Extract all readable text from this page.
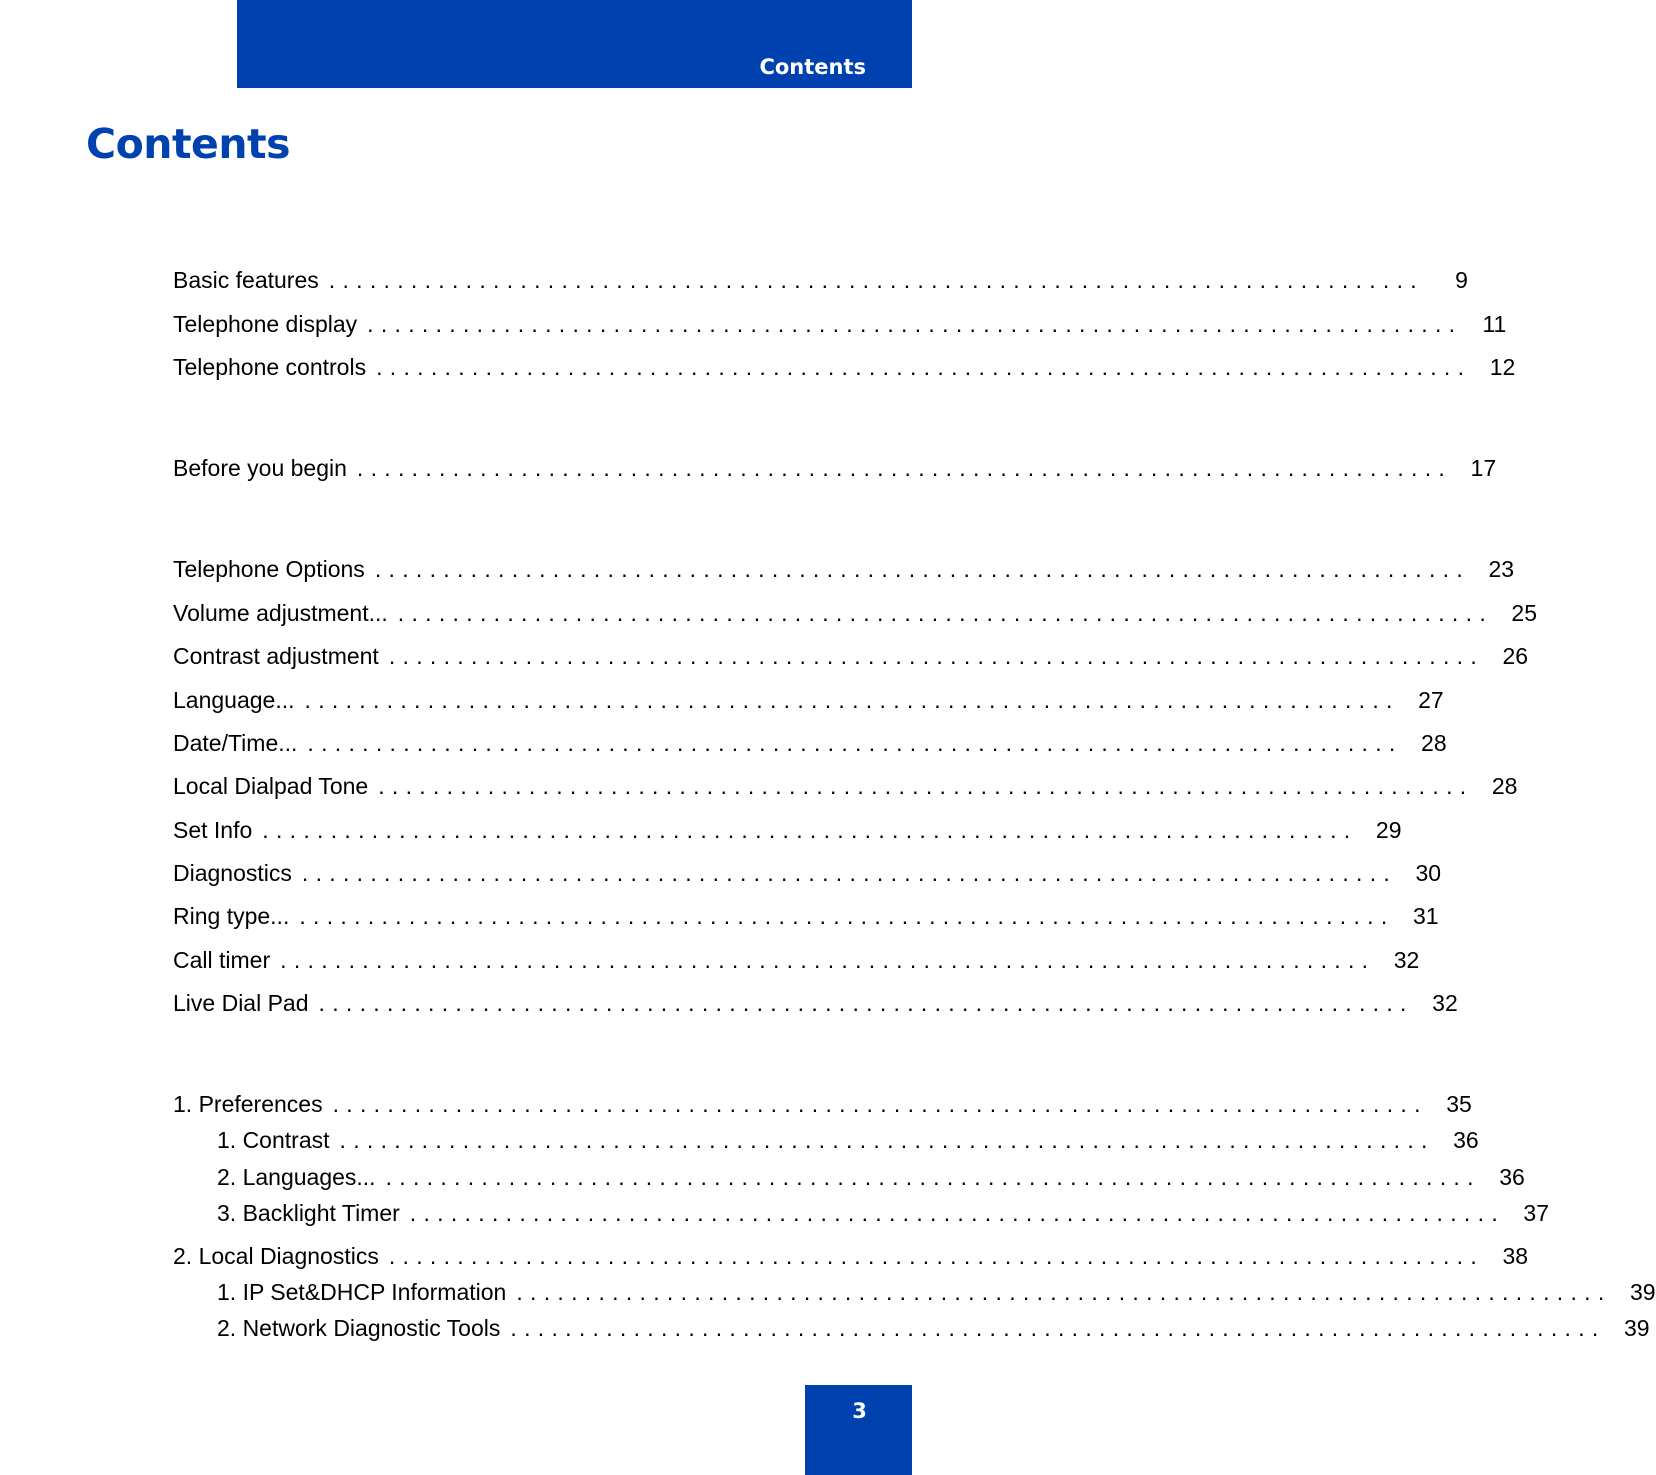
Contents
Contents
Basic features ................................................................................	9
Telephone display ................................................................................ 11
Telephone controls ................................................................................ 12
Before you begin ................................................................................ 17
Telephone Options ................................................................................ 23
Volume adjustment... ................................................................................ 25
Contrast adjustment ................................................................................ 26
Language... ................................................................................ 27
Date/Time... ................................................................................ 28
Local Dialpad Tone ................................................................................ 28
Set Info ................................................................................ 29
Diagnostics ................................................................................ 30
Ring type... ................................................................................ 31
Call timer ................................................................................ 32
Live Dial Pad ................................................................................ 32
1. Preferences ................................................................................ 35
1. Contrast ................................................................................ 36
2. Languages... ................................................................................ 36
3. Backlight Timer ................................................................................ 37
2. Local Diagnostics ................................................................................ 38
1. IP Set&DHCP Information ................................................................................ 39
2. Network Diagnostic Tools ................................................................................ 39
3
